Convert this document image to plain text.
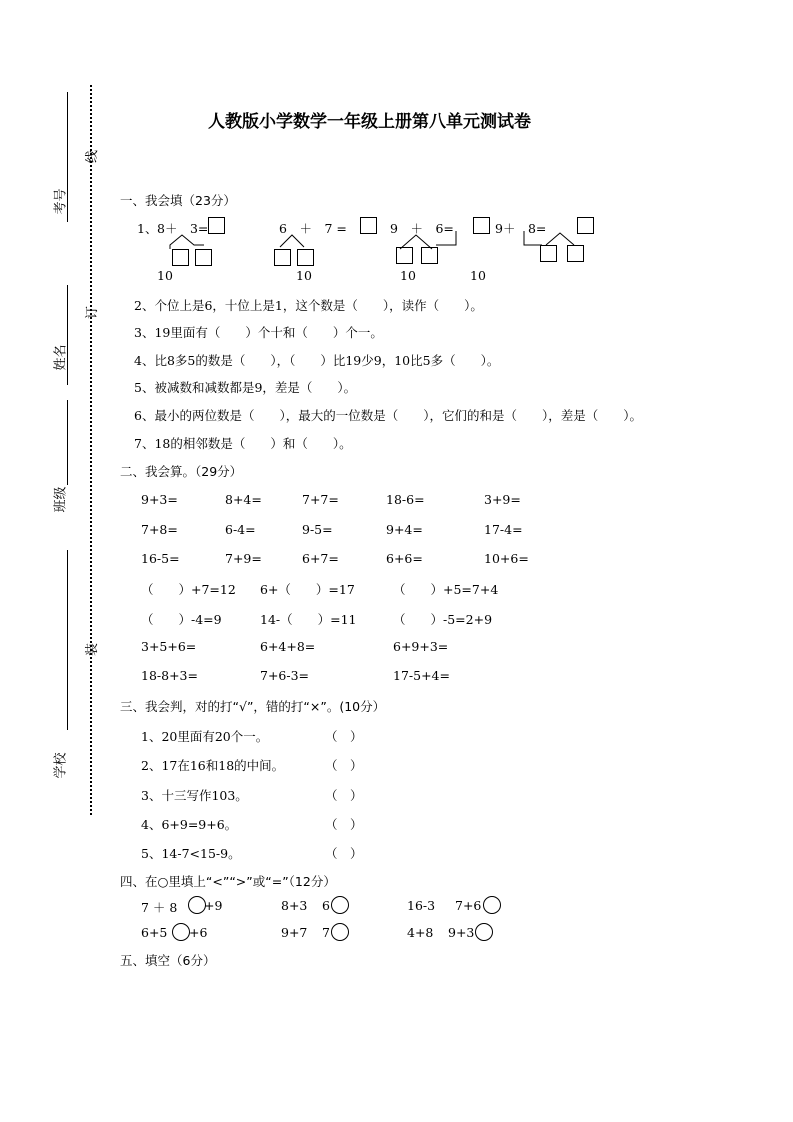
考号
姓名
班级
学校
线
订
装
人教版小学数学一年级上册第八单元测试卷
一、我会填（23分）
1、 8＋　3=
10
6　＋　7 =
10
9　＋　6=
10
9＋　8=
10
2、个位上是6，十位上是1，这个数是（　　），读作（　　）。
3、19里面有（　　）个十和（　　）个一。
4、比8多5的数是（　　），（　　）比19少9，10比5多（　　）。
5、被减数和减数都是9，差是（　　）。
6、最小的两位数是（　　），最大的一位数是（　　），它们的和是（　　），差是（　　）。
7、18的相邻数是（　　）和（　　）。
二、我会算。（29分）
9+3=	8+4=	7+7=	18-6=	3+9=
7+8=	6-4=	9-5=	9+4=	17-4=
16-5=	7+9=	6+7=	6+6=	10+6=
（　　）+7=12 6+（　　）=17	（　　）+5=7+4
（　　）-4=9	14-（　　）=11	（　　）-5=2+9
3+5+6=	6+4+8=	6+9+3=
18-8+3=	7+6-3=	17-5+4=
三、我会判，对的打“√”，错的打“×”。(10分）
1、20里面有20个一。	（　）
2、17在16和18的中间。	（　）
3、十三写作103。	（　）
4、6+9=9+6。	（　）
5、14-7<15-9。	（　）
四、在○里填上“<”“>”或“=”（12分）
7 ＋ 8 +9	8+3 6	16-3 7+6
6+5 +6	9+7 7	4+8 9+3
五、填空（6分）
